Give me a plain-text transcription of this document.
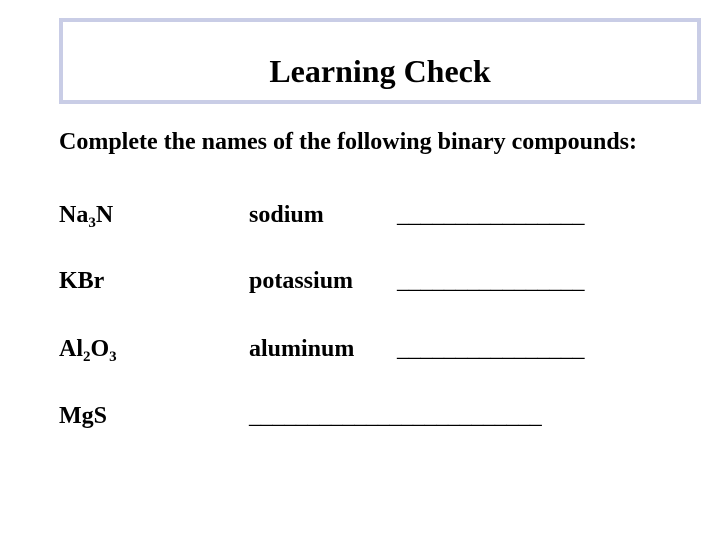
Learning Check
Complete the names of the following binary compounds:
$Na_3N$	sodium	________________
KBr	potassium ________________
$Al_2O_3$	aluminum ________________
MgS	_________________________
